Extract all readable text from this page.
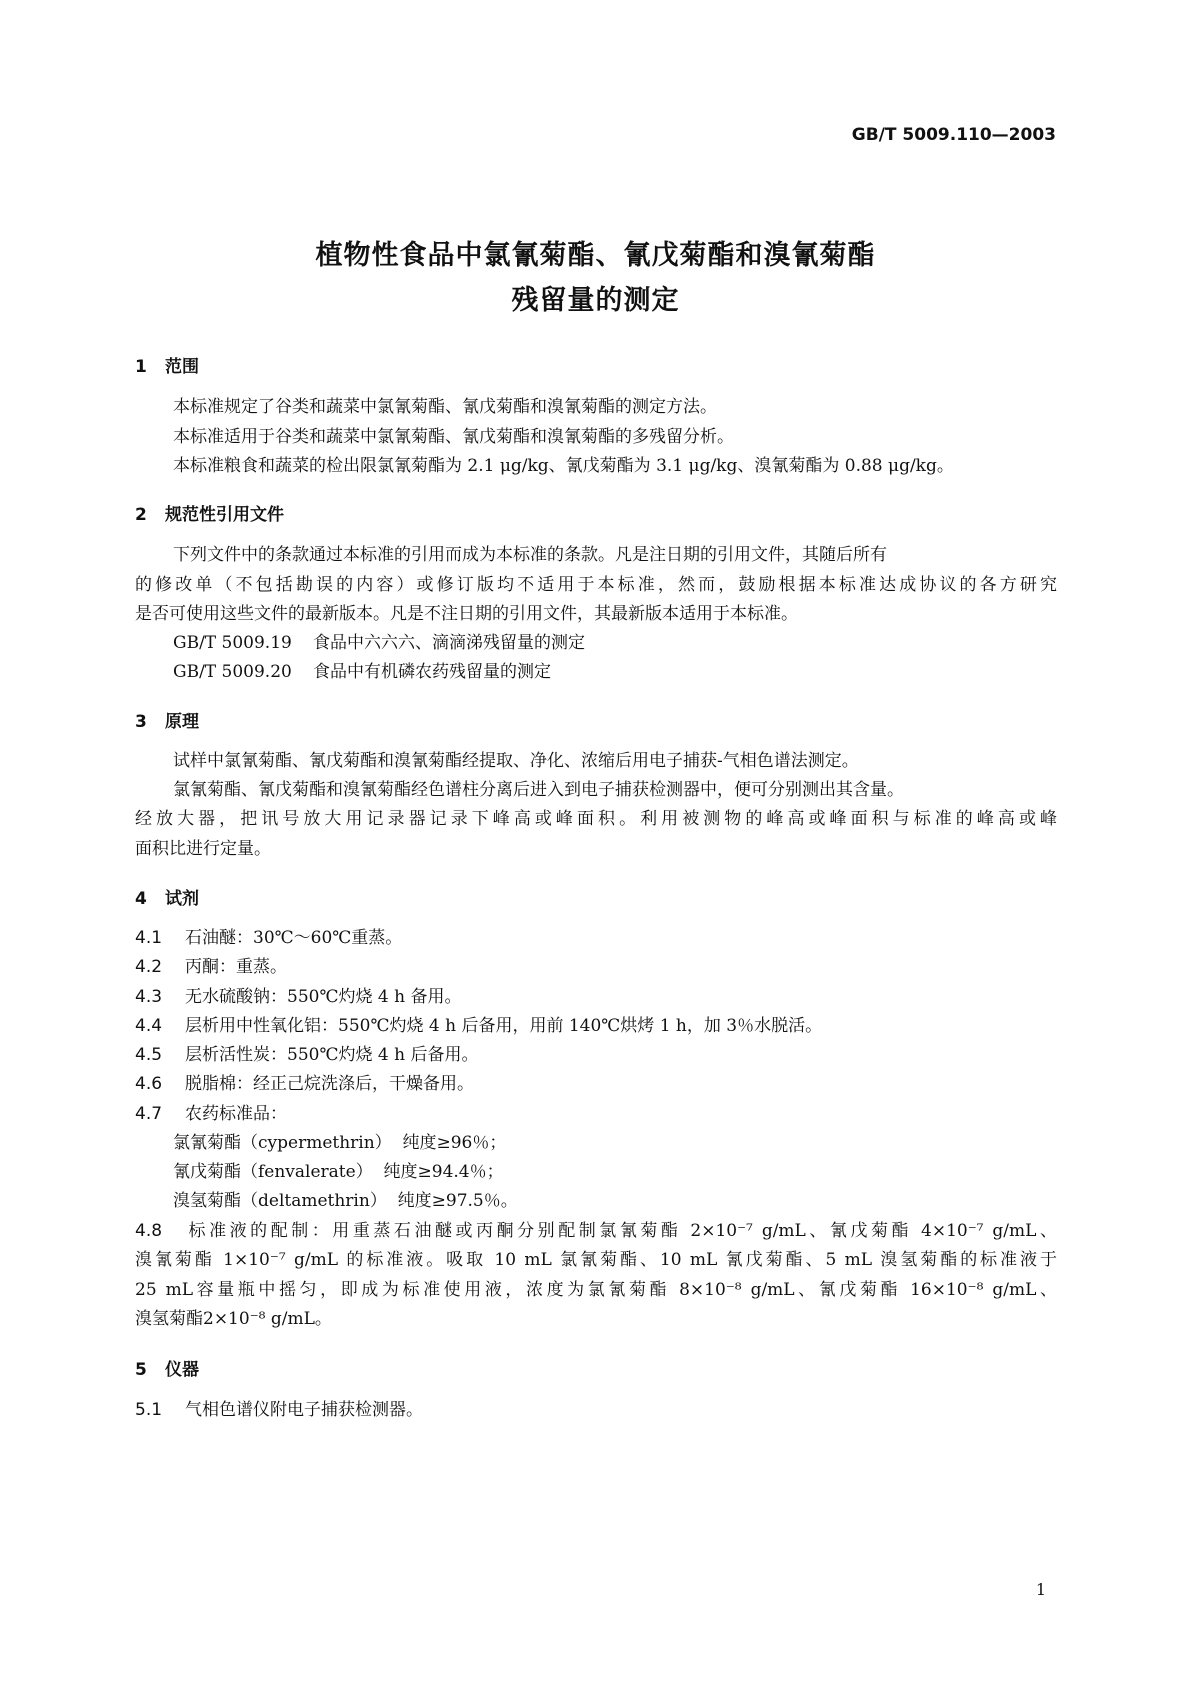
GB/T 5009.110—2003
植物性食品中氯氰菊酯、氰戊菊酯和溴氰菊酯
残留量的测定
1 范围
本标准规定了谷类和蔬菜中氯氰菊酯、氰戊菊酯和溴氰菊酯的测定方法。
本标准适用于谷类和蔬菜中氯氰菊酯、氰戊菊酯和溴氰菊酯的多残留分析。
本标准粮食和蔬菜的检出限氯氰菊酯为 2.1 μg/kg、氰戊菊酯为 3.1 μg/kg、溴氰菊酯为 0.88 μg/kg。
2 规范性引用文件
下列文件中的条款通过本标准的引用而成为本标准的条款。凡是注日期的引用文件，其随后所有
的修改单（不包括勘误的内容）或修订版均不适用于本标准，然而，鼓励根据本标准达成协议的各方研究
是否可使用这些文件的最新版本。凡是不注日期的引用文件，其最新版本适用于本标准。
GB/T 5009.19 食品中六六六、滴滴涕残留量的测定
GB/T 5009.20 食品中有机磷农药残留量的测定
3 原理
试样中氯氰菊酯、氰戊菊酯和溴氰菊酯经提取、净化、浓缩后用电子捕获-气相色谱法测定。
氯氰菊酯、氰戊菊酯和溴氰菊酯经色谱柱分离后进入到电子捕获检测器中，便可分别测出其含量。
经放大器，把讯号放大用记录器记录下峰高或峰面积。利用被测物的峰高或峰面积与标准的峰高或峰
面积比进行定量。
4 试剂
4.1 石油醚：30℃～60℃重蒸。
4.2 丙酮：重蒸。
4.3 无水硫酸钠：550℃灼烧 4 h 备用。
4.4 层析用中性氧化铝：550℃灼烧 4 h 后备用，用前 140℃烘烤 1 h，加 3％水脱活。
4.5 层析活性炭：550℃灼烧 4 h 后备用。
4.6 脱脂棉：经正己烷洗涤后，干燥备用。
4.7 农药标准品：
氯氰菊酯（cypermethrin） 纯度≥96％；
氰戊菊酯（fenvalerate） 纯度≥94.4％；
溴氢菊酯（deltamethrin） 纯度≥97.5％。
4.8 标准液的配制：用重蒸石油醚或丙酮分别配制氯氰菊酯 2×10⁻⁷ g/mL、氰戊菊酯 4×10⁻⁷ g/mL、
溴氰菊酯 1×10⁻⁷ g/mL 的标准液。吸取 10 mL 氯氰菊酯、10 mL 氰戊菊酯、5 mL 溴氢菊酯的标准液于
25 mL容量瓶中摇匀，即成为标准使用液，浓度为氯氰菊酯 8×10⁻⁸ g/mL、氰戊菊酯 16×10⁻⁸ g/mL、
溴氢菊酯2×10⁻⁸ g/mL。
5 仪器
5.1 气相色谱仪附电子捕获检测器。
1
